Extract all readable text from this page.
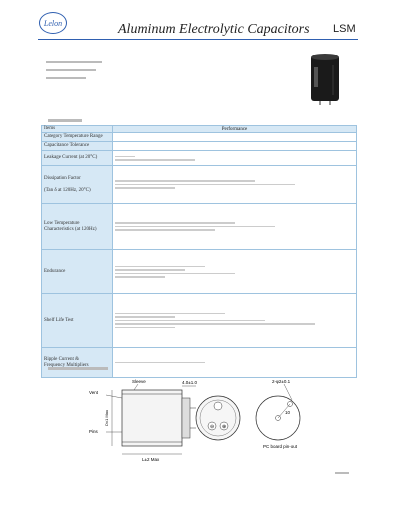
Lelon	Aluminum Electrolytic Capacitors LSM
Items	Performance
Category Temperature Range	
Capacitance Tolerance	
Leakage Current (at 20°C)	

Dissipation Factor

(Tan δ at 120Hz, 20°C)	

Low Temperature
Characteristics (at 120Hz)	

Endurance	

Shelf Life Test	

Ripple Current &
Frequency Multipliers	
Sleeve
Vent
Pins
D±1 Max
L±2 Max
4.0±1.0
⊖ ⊕
10
2-φ2±0.1
PC board pin-out
